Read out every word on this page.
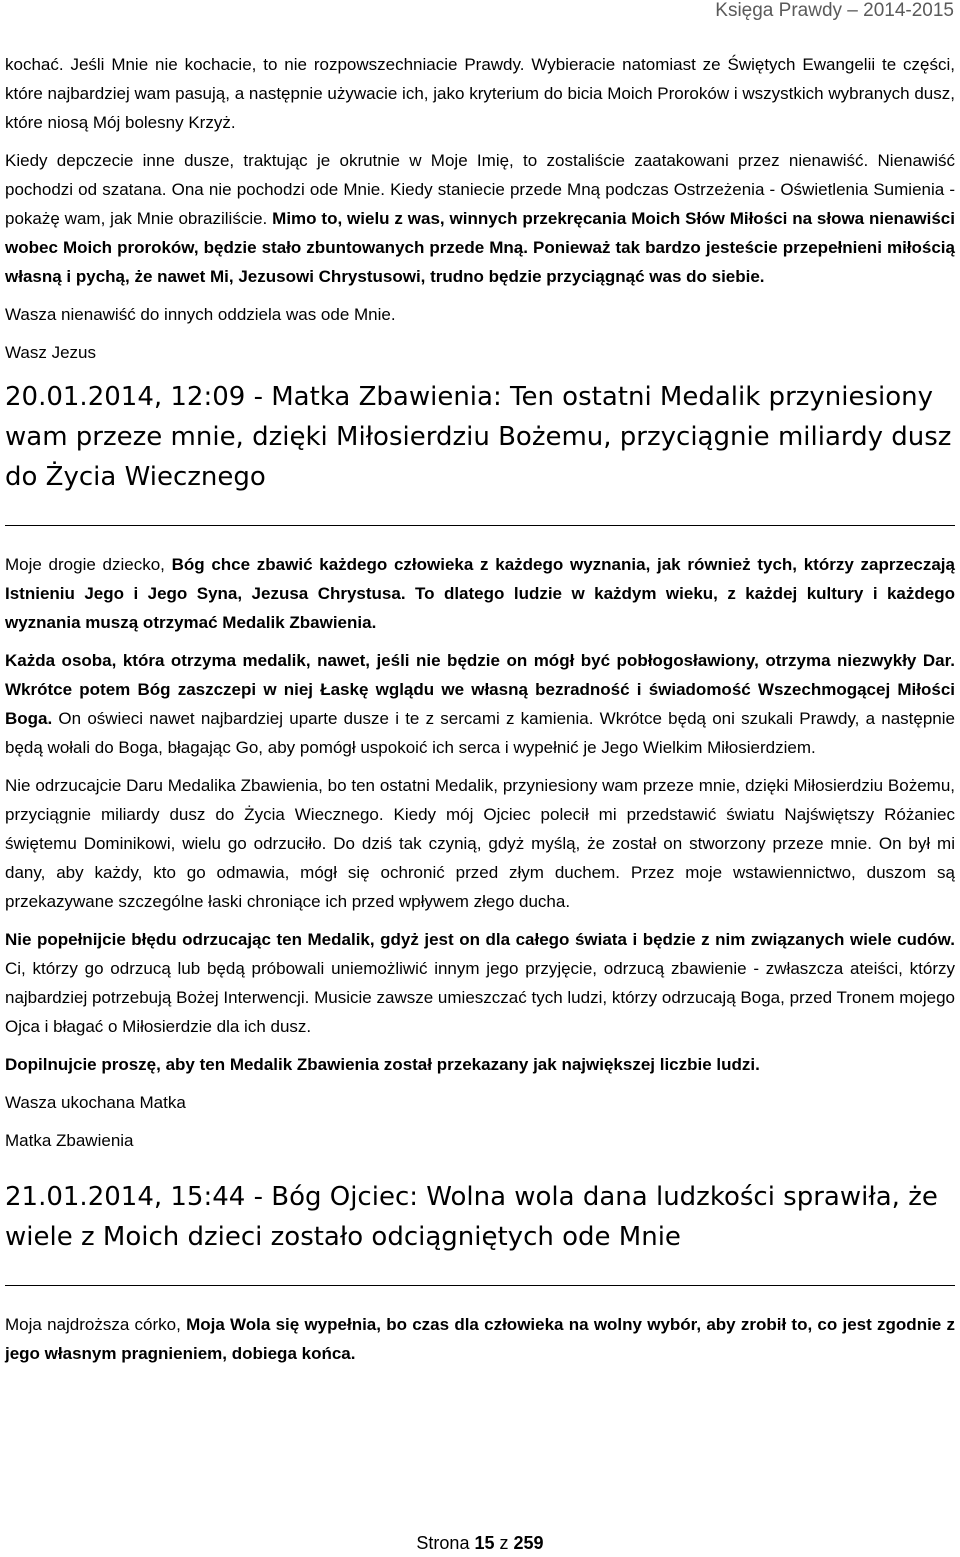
Księga Prawdy – 2014-2015

kochać. Jeśli Mnie nie kochacie, to nie rozpowszechniacie Prawdy. Wybieracie natomiast ze Świętych Ewangelii te części, które najbardziej wam pasują, a następnie używacie ich, jako kryterium do bicia Moich Proroków i wszystkich wybranych dusz, które niosą Mój bolesny Krzyż.

Kiedy depczecie inne dusze, traktując je okrutnie w Moje Imię, to zostaliście zaatakowani przez nienawiść. Nienawiść pochodzi od szatana. Ona nie pochodzi ode Mnie. Kiedy staniecie przede Mną podczas Ostrzeżenia - Oświetlenia Sumienia - pokażę wam, jak Mnie obraziliście. Mimo to, wielu z was, winnych przekręcania Moich Słów Miłości na słowa nienawiści wobec Moich proroków, będzie stało zbuntowanych przede Mną. Ponieważ tak bardzo jesteście przepełnieni miłością własną i pychą, że nawet Mi, Jezusowi Chrystusowi, trudno będzie przyciągnąć was do siebie.

Wasza nienawiść do innych oddziela was ode Mnie.

Wasz Jezus

20.01.2014, 12:09 - Matka Zbawienia: Ten ostatni Medalik przyniesiony wam przeze mnie, dzięki Miłosierdziu Bożemu, przyciągnie miliardy dusz do Życia Wiecznego

Moje drogie dziecko, Bóg chce zbawić każdego człowieka z każdego wyznania, jak również tych, którzy zaprzeczają Istnieniu Jego i Jego Syna, Jezusa Chrystusa. To dlatego ludzie w każdym wieku, z każdej kultury i każdego wyznania muszą otrzymać Medalik Zbawienia.

Każda osoba, która otrzyma medalik, nawet, jeśli nie będzie on mógł być pobłogosławiony, otrzyma niezwykły Dar. Wkrótce potem Bóg zaszczepi w niej Łaskę wglądu we własną bezradność i świadomość Wszechmogącej Miłości Boga. On oświeci nawet najbardziej uparte dusze i te z sercami z kamienia. Wkrótce będą oni szukali Prawdy, a następnie będą wołali do Boga, błagając Go, aby pomógł uspokoić ich serca i wypełnić je Jego Wielkim Miłosierdziem.

Nie odrzucajcie Daru Medalika Zbawienia, bo ten ostatni Medalik, przyniesiony wam przeze mnie, dzięki Miłosierdziu Bożemu, przyciągnie miliardy dusz do Życia Wiecznego. Kiedy mój Ojciec polecił mi przedstawić światu Najświętszy Różaniec świętemu Dominikowi, wielu go odrzuciło. Do dziś tak czynią, gdyż myślą, że został on stworzony przeze mnie. On był mi dany, aby każdy, kto go odmawia, mógł się ochronić przed złym duchem. Przez moje wstawiennictwo, duszom są przekazywane szczególne łaski chroniące ich przed wpływem złego ducha.

Nie popełnijcie błędu odrzucając ten Medalik, gdyż jest on dla całego świata i będzie z nim związanych wiele cudów. Ci, którzy go odrzucą lub będą próbowali uniemożliwić innym jego przyjęcie, odrzucą zbawienie - zwłaszcza ateiści, którzy najbardziej potrzebują Bożej Interwencji. Musicie zawsze umieszczać tych ludzi, którzy odrzucają Boga, przed Tronem mojego Ojca i błagać o Miłosierdzie dla ich dusz.

Dopilnujcie proszę, aby ten Medalik Zbawienia został przekazany jak największej liczbie ludzi.

Wasza ukochana Matka

Matka Zbawienia

21.01.2014, 15:44 - Bóg Ojciec: Wolna wola dana ludzkości sprawiła, że wiele z Moich dzieci zostało odciągniętych ode Mnie

Moja najdroższa córko, Moja Wola się wypełnia, bo czas dla człowieka na wolny wybór, aby zrobił to, co jest zgodnie z jego własnym pragnieniem, dobiega końca.

Strona 15 z 259
